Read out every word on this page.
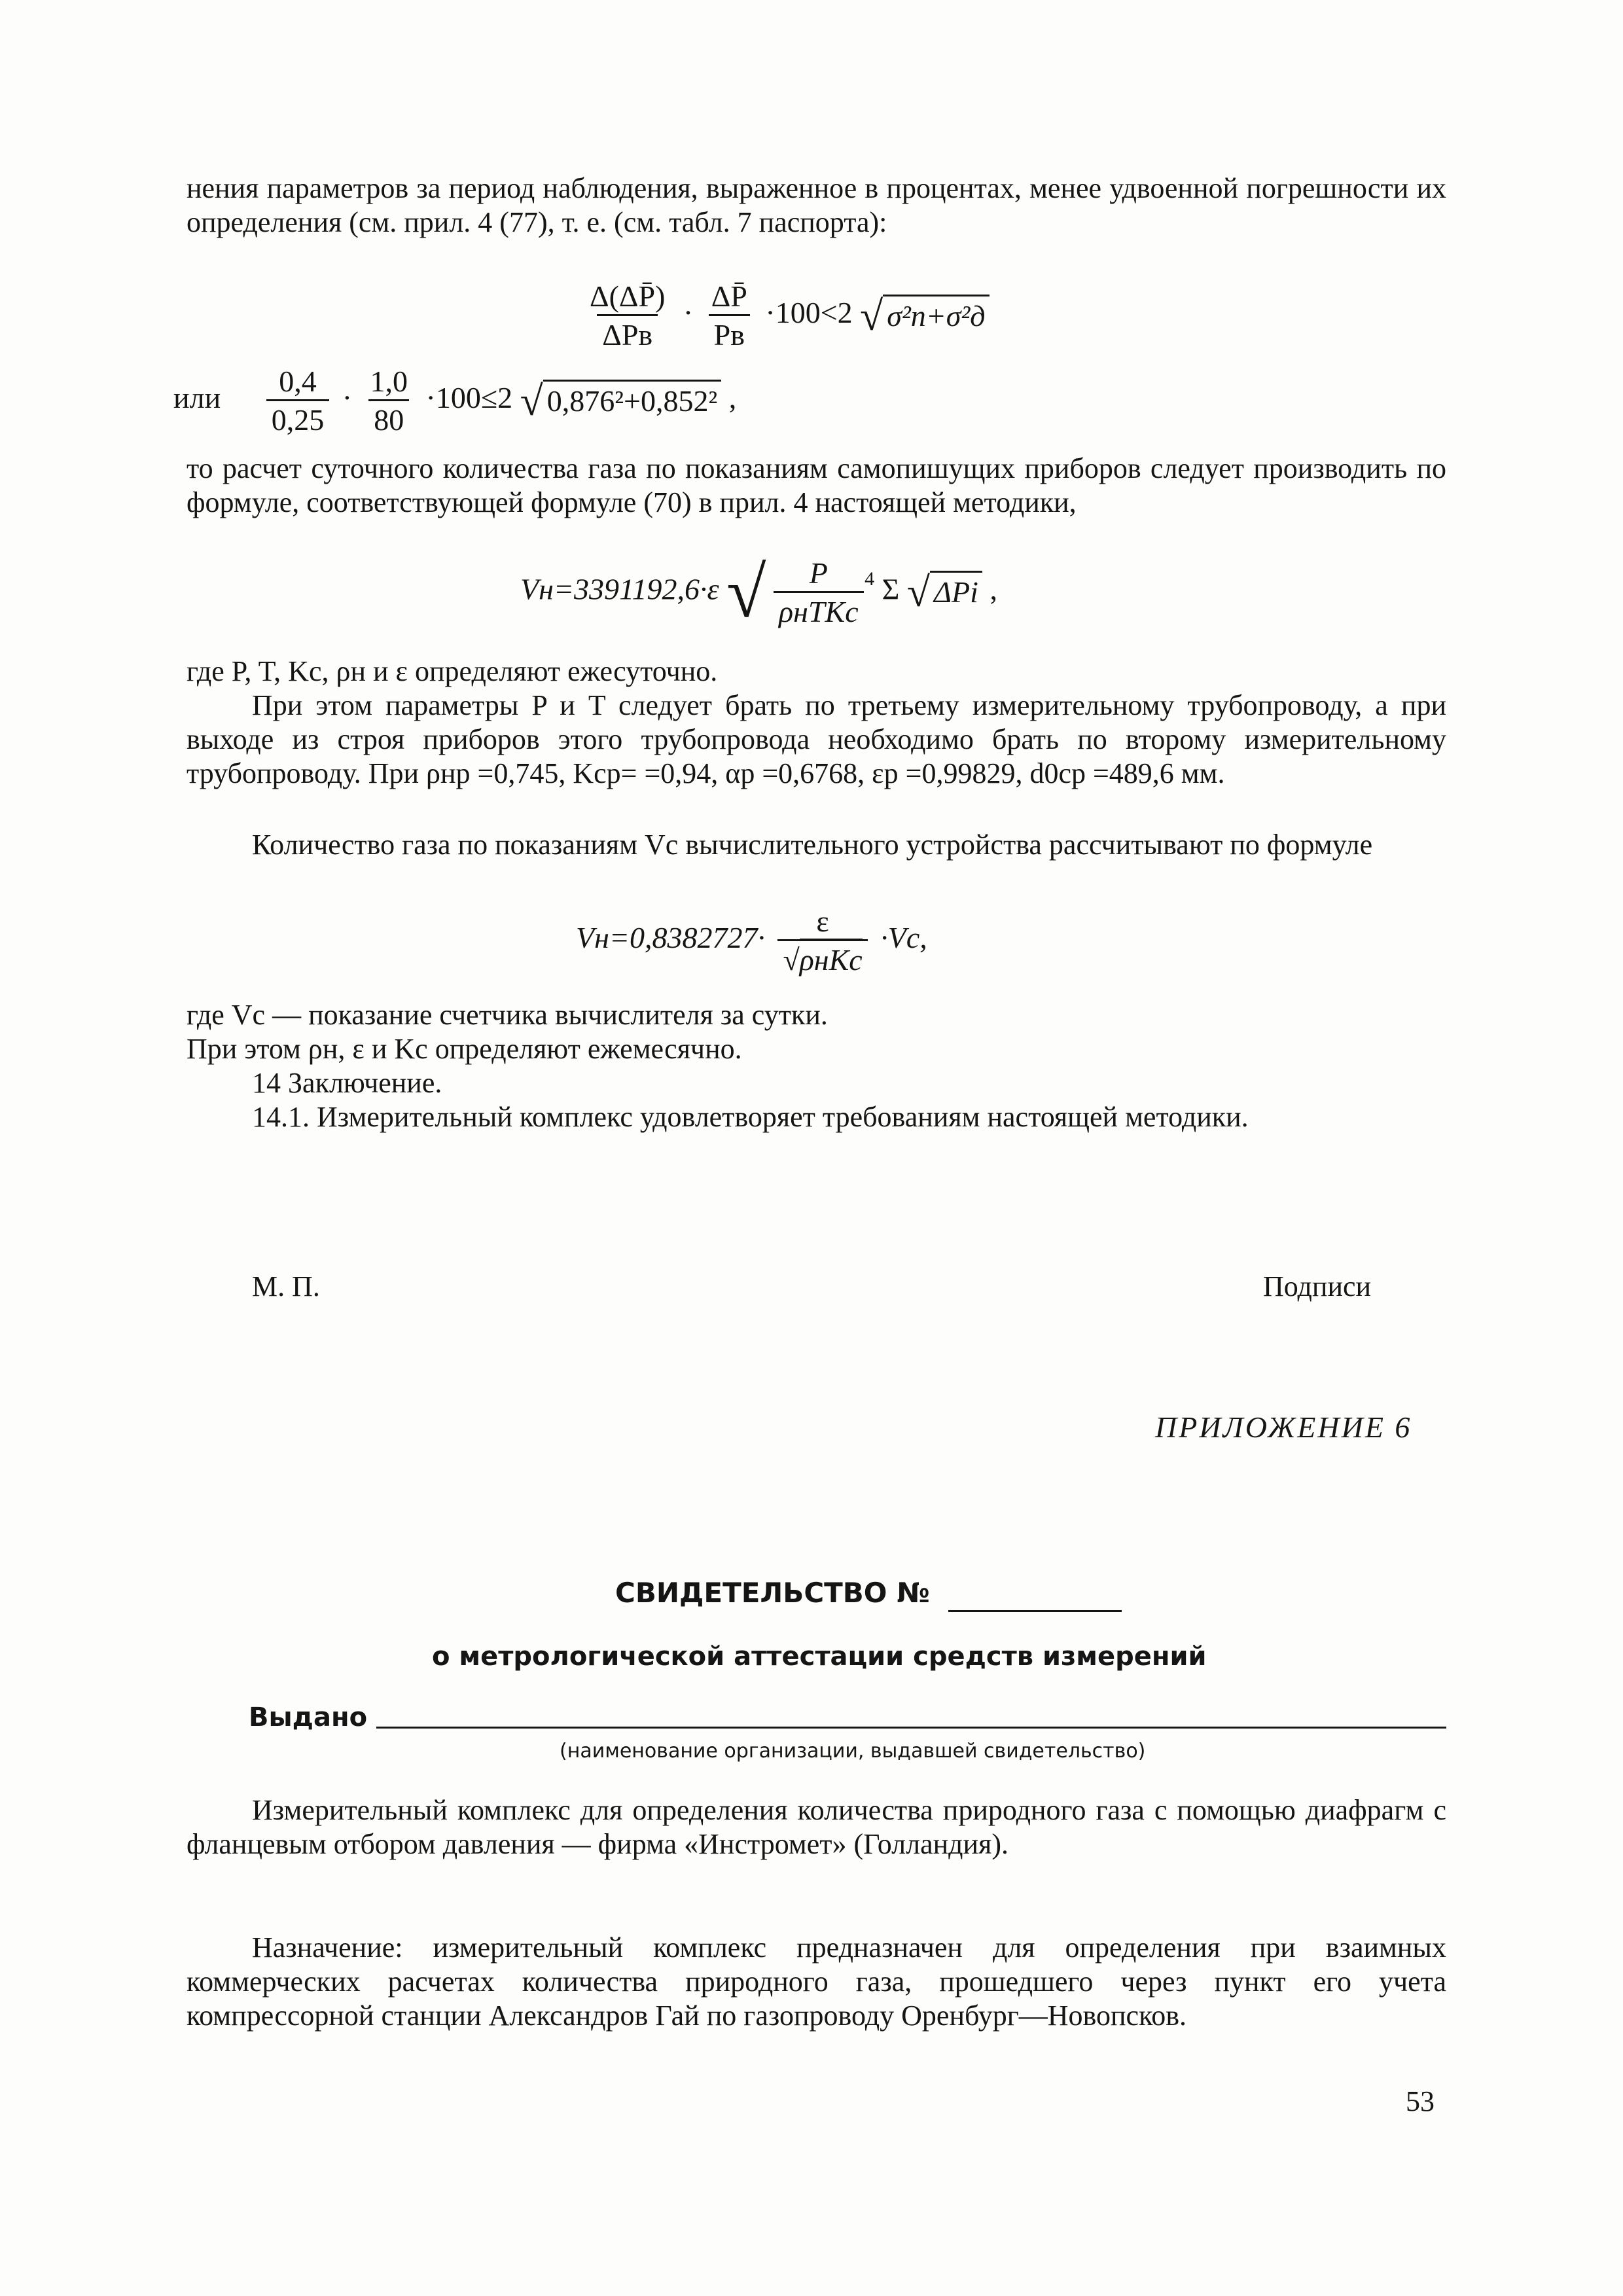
нения параметров за период наблюдения, выраженное в процентах, менее удвоенной погрешности их определения (см. прил. 4 (77), т. е. (см. табл. 7 паспорта):

$\frac{\Delta(\Delta P̄)}{\text{ΔPв}} \cdot \frac{\Delta P̄}{Pв} \cdot 100<2$ √ σ²п+σ²д
или $\frac{0,4}{0,25} \cdot \frac{1,0}{80} \cdot 100\le 2$ √ 0,876²+0,852² ,

то расчет суточного количества газа по показаниям самопишущих приборов следует производить по формуле, соответствующей формуле (70) в прил. 4 настоящей методики,

Vн=3391192,6·ε √ $\frac{P}{\text{ρнTKc}} ^4$ Σ √ ΔPi ,

где P, T, Kc, ρн и ε определяют ежесуточно.

При этом параметры P и T следует брать по третьему измерительному трубопроводу, а при выходе из строя приборов этого трубопровода необходимо брать по второму измерительному трубопроводу. При ρнр =0,745, Kср= =0,94, αр =0,6768, εр =0,99829, d0ср =489,6 мм.

Количество газа по показаниям Vc вычислительного устройства рассчитывают по формуле

$Vн=0,8382727\cdot \frac{\varepsilon}{\text{√ρнKc}} \cdot Vc$,

где Vc — показание счетчика вычислителя за сутки.

При этом ρн, ε и Kc определяют ежемесячно.

14 Заключение.

14.1. Измерительный комплекс удовлетворяет требованиям настоящей методики.

М. П.	Подписи
ПРИЛОЖЕНИЕ 6
СВИДЕТЕЛЬСТВО №
о метрологической аттестации средств измерений
Выдано
(наименование организации, выдавшей свидетельство)

Измерительный комплекс для определения количества природного газа с помощью диафрагм с фланцевым отбором давления — фирма «Инстромет» (Голландия).

Назначение: измерительный комплекс предназначен для определения при взаимных коммерческих расчетах количества природного газа, прошедшего через пункт его учета компрессорной станции Александров Гай по газопроводу Оренбург—Новопсков.

53
